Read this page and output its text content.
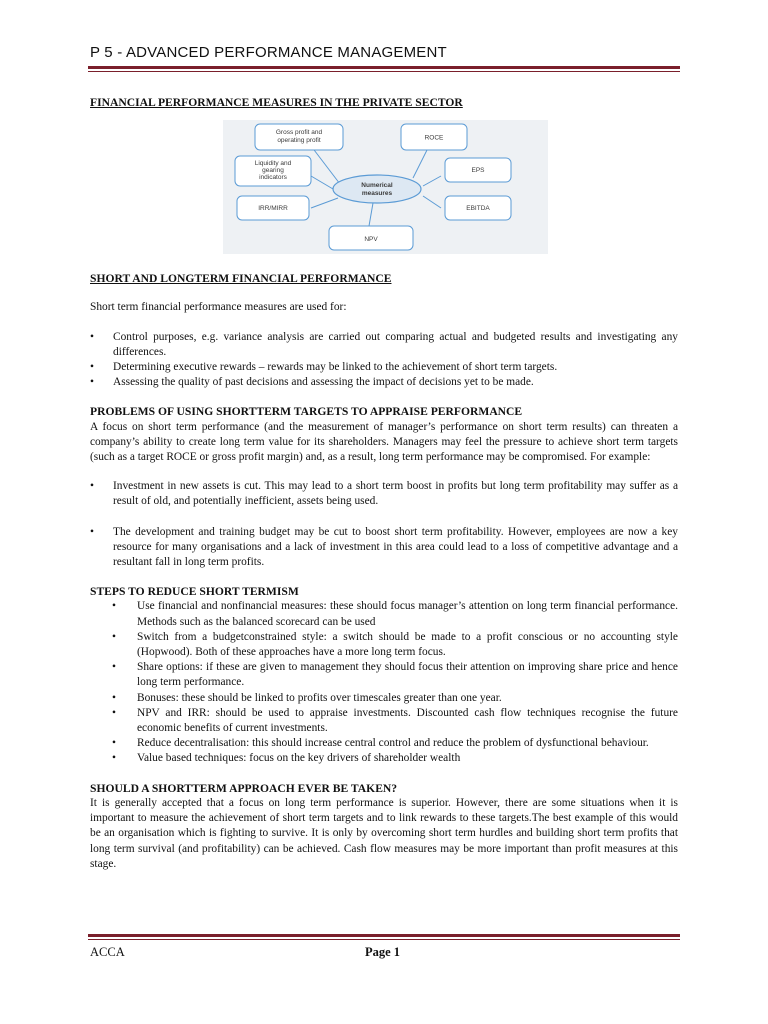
P 5 - ADVANCED PERFORMANCE MANAGEMENT
FINANCIAL PERFORMANCE MEASURES IN THE PRIVATE SECTOR
Gross profit and
operating profit	ROCE
Liquidity and
gearing
indicators
EPS
IRR/MIRR	EBITDA
NPV
Numerical
measures
SHORT AND LONGTERM FINANCIAL PERFORMANCE

Short term financial performance measures are used for:

• Control purposes, e.g. variance analysis are carried out comparing actual and budgeted results and investigating any differences.
• Determining executive rewards – rewards may be linked to the achievement of short term targets.
• Assessing the quality of past decisions and assessing the impact of decisions yet to be made.
PROBLEMS OF USING SHORTTERM TARGETS TO APPRAISE PERFORMANCE

A focus on short term performance (and the measurement of manager’s performance on short term results) can threaten a company’s ability to create long term value for its shareholders. Managers may feel the pressure to achieve short term targets (such as a target ROCE or gross profit margin) and, as a result, long term performance may be compromised. For example:

• Investment in new assets is cut. This may lead to a short term boost in profits but long term profitability may suffer as a result of old, and potentially inefficient, assets being used.
• The development and training budget may be cut to boost short term profitability. However, employees are now a key resource for many organisations and a lack of investment in this area could lead to a loss of competitive advantage and a resultant fall in long term profits.
STEPS TO REDUCE SHORT TERMISM
• Use financial and nonfinancial measures: these should focus manager’s attention on long term financial performance. Methods such as the balanced scorecard can be used
• Switch from a budgetconstrained style: a switch should be made to a profit conscious or no accounting style (Hopwood). Both of these approaches have a more long term focus.
• Share options: if these are given to management they should focus their attention on improving share price and hence long term performance.
• Bonuses: these should be linked to profits over timescales greater than one year.
• NPV and IRR: should be used to appraise investments. Discounted cash flow techniques recognise the future economic benefits of current investments.
• Reduce decentralisation: this should increase central control and reduce the problem of dysfunctional behaviour.
• Value based techniques: focus on the key drivers of shareholder wealth
SHOULD A SHORTTERM APPROACH EVER BE TAKEN?

It is generally accepted that a focus on long term performance is superior. However, there are some situations when it is important to measure the achievement of short term targets and to link rewards to these targets.The best example of this would be an organisation which is fighting to survive. It is only by overcoming short term hurdles and building short term profits that long term survival (and profitability) can be achieved. Cash flow measures may be more important than profit measures at this stage.

ACCA	Page 1
